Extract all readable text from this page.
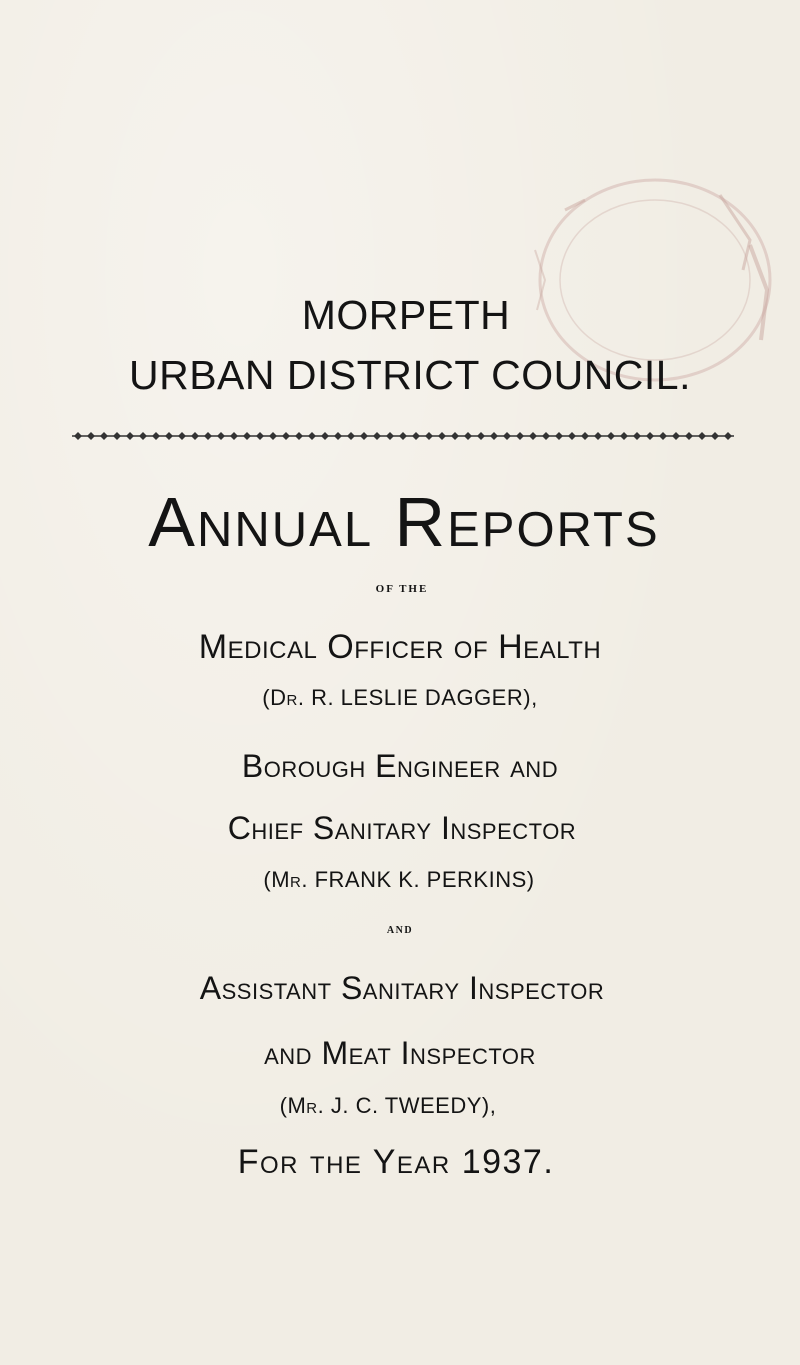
MORPETH
URBAN DISTRICT COUNCIL.
Annual Reports
OF THE
Medical Officer of Health
(Dr. R. LESLIE DAGGER),
Borough Engineer and
Chief Sanitary Inspector
(Mr. FRANK K. PERKINS)
AND
Assistant Sanitary Inspector
and Meat Inspector
(Mr. J. C. TWEEDY),
For the Year 1937.
